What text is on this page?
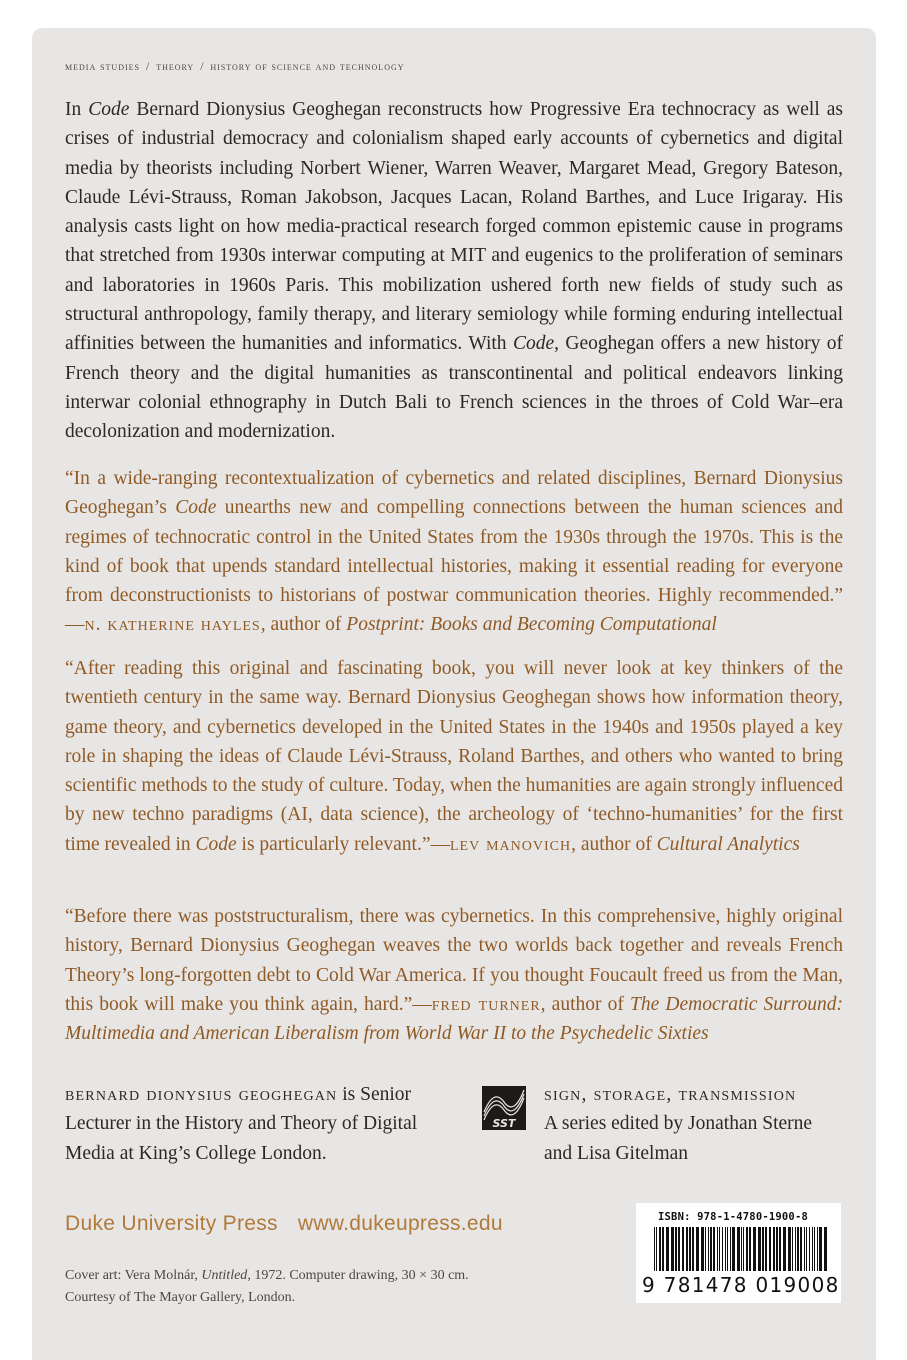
media studies / theory / history of science and technology
In Code Bernard Dionysius Geoghegan reconstructs how Progressive Era technocracy as well as crises of industrial democracy and colonialism shaped early accounts of cybernetics and digital media by theorists including Norbert Wiener, Warren Weaver, Margaret Mead, Gregory Bateson, Claude Lévi-Strauss, Roman Jakobson, Jacques Lacan, Roland Barthes, and Luce Irigaray. His analysis casts light on how media-practical research forged common epistemic cause in programs that stretched from 1930s interwar computing at MIT and eugenics to the proliferation of seminars and laboratories in 1960s Paris. This mobilization ushered forth new fields of study such as structural anthropology, family therapy, and literary semiology while forming enduring intellectual affinities between the humanities and informatics. With Code, Geoghegan offers a new history of French theory and the digital humanities as transcontinental and political endeavors linking interwar colonial ethnography in Dutch Bali to French sciences in the throes of Cold War–era decolonization and modernization.
“In a wide-ranging recontextualization of cybernetics and related disciplines, Bernard Dionysius Geoghegan’s Code unearths new and compelling connections between the human sciences and regimes of technocratic control in the United States from the 1930s through the 1970s. This is the kind of book that upends standard intellectual histories, making it essential reading for everyone from deconstructionists to historians of postwar communication theories. Highly recommended.” —n. katherine hayles, author of Postprint: Books and Becoming Computational
“After reading this original and fascinating book, you will never look at key thinkers of the twentieth century in the same way. Bernard Dionysius Geoghegan shows how information theory, game theory, and cybernetics developed in the United States in the 1940s and 1950s played a key role in shaping the ideas of Claude Lévi-Strauss, Roland Barthes, and others who wanted to bring scientific methods to the study of culture. Today, when the humanities are again strongly influenced by new techno paradigms (AI, data science), the archeology of ‘techno-humanities’ for the first time revealed in Code is particularly relevant.”—lev manovich, author of Cultural Analytics
“Before there was poststructuralism, there was cybernetics. In this comprehensive, highly original history, Bernard Dionysius Geoghegan weaves the two worlds back together and reveals French Theory’s long-forgotten debt to Cold War America. If you thought Foucault freed us from the Man, this book will make you think again, hard.”—fred turner, author of The Democratic Surround: Multimedia and American Liberalism from World War II to the Psychedelic Sixties
bernard dionysius geoghegan is Senior Lecturer in the History and Theory of Digital Media at King’s College London.
SST
sign, storage, transmission
A series edited by Jonathan Sterne and Lisa Gitelman
Duke University Press www.dukeupress.edu
Cover art: Vera Molnár, Untitled, 1972. Computer drawing, 30 × 30 cm. Courtesy of The Mayor Gallery, London.
ISBN: 978-1-4780-1900-8
9 781478 019008
